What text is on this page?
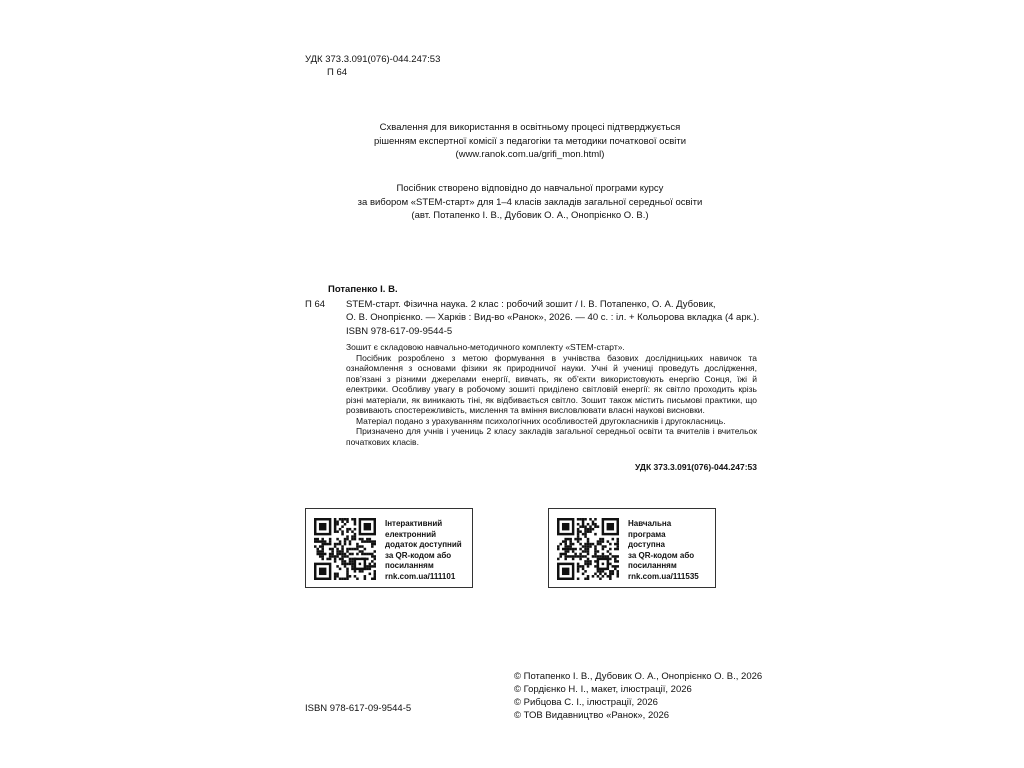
УДК 373.3.091(076)-044.247:53
П 64
Схвалення для використання в освітньому процесі підтверджується
рішенням експертної комісії з педагогіки та методики початкової освіти
(www.ranok.com.ua/grifi_mon.html)
Посібник створено відповідно до навчальної програми курсу
за вибором «STEM-старт» для 1–4 класів закладів загальної середньої освіти
(авт. Потапенко І. В., Дубовик О. А., Онопрієнко О. В.)
Потапенко І. В.
П 64 STEM-старт. Фізична наука. 2 клас : робочий зошит / І. В. Потапенко, О. А. Дубовик,
О. В. Онопрієнко. — Харків : Вид-во «Ранок», 2026. — 40 с. : іл. + Кольорова вкладка (4 арк.).
ISBN 978-617-09-9544-5

Зошит є складовою навчально-методичного комплекту «STEM-старт».

Посібник розроблено з метою формування в учнівства базових дослідницьких навичок та ознайомлення з основами фізики як природничої науки. Учні й учениці проведуть дослідження, пов’язані з різними джерелами енергії, вивчать, як об’єкти використовують енергію Сонця, їжі й електрики. Особливу увагу в робочому зошиті приділено світловій енергії: як світло проходить крізь різні матеріали, як виникають тіні, як відбивається світло. Зошит також містить письмові практики, що розвивають спостережливість, мислення та вміння висловлювати власні наукові висновки.

Матеріал подано з урахуванням психологічних особливостей другокласників і другокласниць.

Призначено для учнів і учениць 2 класу закладів загальної середньої освіти та вчителів і вчительок початкових класів.

УДК 373.3.091(076)-044.247:53
Інтерактивний
електронний
додаток доступний
за QR-кодом або
посиланням
rnk.com.ua/111101
Навчальна
програма
доступна
за QR-кодом або
посиланням
rnk.com.ua/111535
© Потапенко І. В., Дубовик О. А., Онопрієнко О. В., 2026
© Гордієнко Н. І., макет, ілюстрації, 2026
© Рибцова С. І., ілюстрації, 2026
© ТОВ Видавництво «Ранок», 2026
ISBN 978-617-09-9544-5
